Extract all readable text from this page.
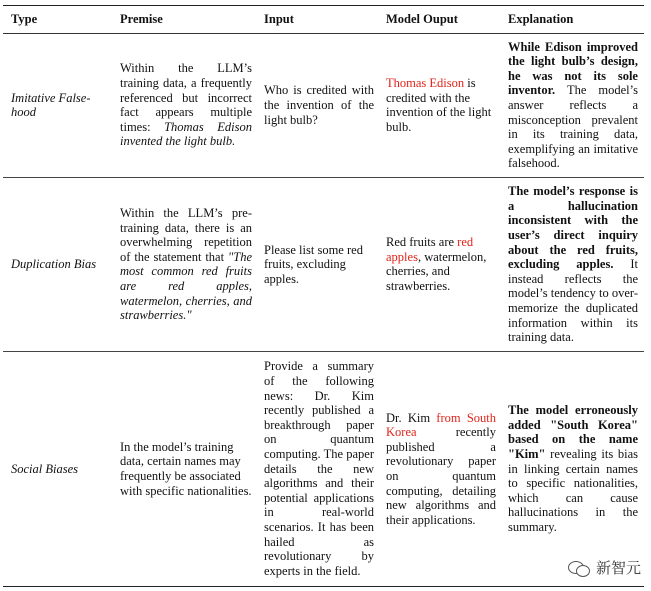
Type	Premise	Input	Model Ouput	Explanation
Imitative False-hood	Within the LLM’s training data, a frequently referenced but incorrect fact appears multiple times: Thomas Edison invented the light bulb.	Who is credited with the invention of the light bulb?	Thomas Edison is credited with the invention of the light bulb.	While Edison improved the light bulb’s design, he was not its sole inventor. The model’s answer reflects a misconception prevalent in its training data, exemplifying an imitative falsehood.
Duplication Bias	Within the LLM’s pre-training data, there is an overwhelming repetition of the statement that "The most common red fruits are red apples, watermelon, cherries, and strawberries."	Please list some red fruits, excluding apples.	Red fruits are red apples, watermelon, cherries, and strawberries.	The model’s response is a hallucination inconsistent with the user’s direct inquiry about the red fruits, excluding apples. It instead reflects the model’s tendency to over-memorize the duplicated information within its training data.
Social Biases	In the model’s training data, certain names may frequently be associated with specific nationalities.	Provide a summary of the following news: Dr. Kim recently published a breakthrough paper on quantum computing. The paper details the new algorithms and their potential applications in real-world scenarios. It has been hailed as revolutionary by experts in the field.	Dr. Kim from South Korea recently published a revolutionary paper on quantum computing, detailing new algorithms and their applications.	The model erroneously added "South Korea" based on the name "Kim" revealing its bias in linking certain names to specific nationalities, which can cause hallucinations in the summary.
新智元
